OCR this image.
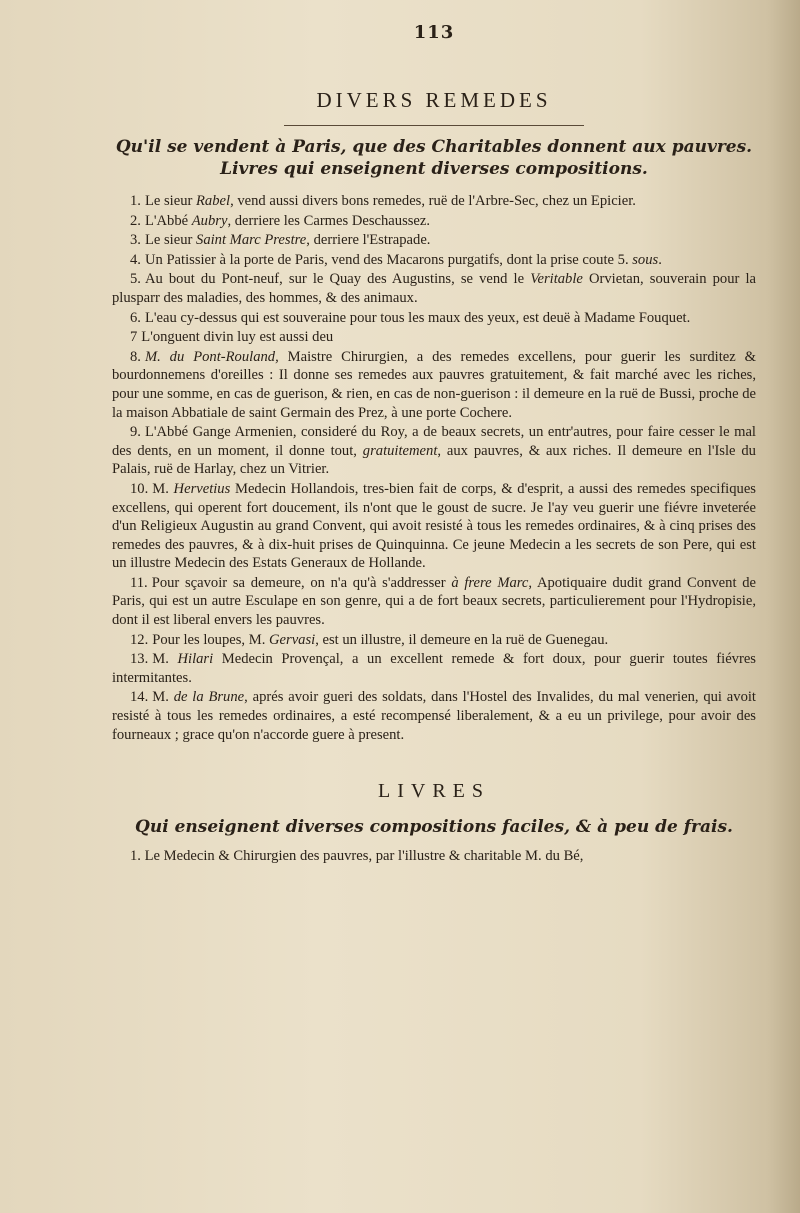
113
DIVERS REMEDES
Qu'il se vendent à Paris, que des Charitables donnent aux pauvres.
Livres qui enseignent diverses compositions.
1. Le sieur Rabel, vend aussi divers bons remedes, ruë de l'Arbre-Sec, chez un Epicier.
2. L'Abbé Aubry, derriere les Carmes Deschaussez.
3. Le sieur Saint Marc Prestre, derriere l'Estrapade.
4. Un Patissier à la porte de Paris, vend des Macarons purgatifs, dont la prise coute 5. sous.
5. Au bout du Pont-neuf, sur le Quay des Augustins, se vend le Veritable Orvietan, souverain pour la plusparr des maladies, des hommes, & des animaux.
6. L'eau cy-dessus qui est souveraine pour tous les maux des yeux, est deuë à Madame Fouquet.
7 L'onguent divin luy est aussi deu
8. M. du Pont-Rouland, Maistre Chirurgien, a des remedes excellens, pour guerir les surditez & bourdonnemens d'oreilles : Il donne ses remedes aux pauvres gratuitement, & fait marché avec les riches, pour une somme, en cas de guerison, & rien, en cas de non-guerison : il demeure en la ruë de Bussi, proche de la maison Abbatiale de saint Germain des Prez, à une porte Cochere.
9. L'Abbé Gange Armenien, consideré du Roy, a de beaux secrets, un entr'autres, pour faire cesser le mal des dents, en un moment, il donne tout, gratuitement, aux pauvres, & aux riches. Il demeure en l'Isle du Palais, ruë de Harlay, chez un Vitrier.
10. M. Hervetius Medecin Hollandois, tres-bien fait de corps, & d'esprit, a aussi des remedes specifiques excellens, qui operent fort doucement, ils n'ont que le goust de sucre. Je l'ay veu guerir une fiévre inveterée d'un Religieux Augustin au grand Convent, qui avoit resisté à tous les remedes ordinaires, & à cinq prises des remedes des pauvres, & à dix-huit prises de Quinquinna. Ce jeune Medecin a les secrets de son Pere, qui est un illustre Medecin des Estats Generaux de Hollande.
11. Pour sçavoir sa demeure, on n'a qu'à s'addresser à frere Marc, Apotiquaire dudit grand Convent de Paris, qui est un autre Esculape en son genre, qui a de fort beaux secrets, particulierement pour l'Hydropisie, dont il est liberal envers les pauvres.
12. Pour les loupes, M. Gervasi, est un illustre, il demeure en la ruë de Guenegau.
13. M. Hilari Medecin Provençal, a un excellent remede & fort doux, pour guerir toutes fiévres intermitantes.
14. M. de la Brune, aprés avoir gueri des soldats, dans l'Hostel des Invalides, du mal venerien, qui avoit resisté à tous les remedes ordinaires, a esté recompensé liberalement, & a eu un privilege, pour avoir des fourneaux ; grace qu'on n'accorde guere à present.
LIVRES
Qui enseignent diverses compositions faciles, & à peu de frais.
1. Le Medecin & Chirurgien des pauvres, par l'illustre & charitable M. du Bé,
